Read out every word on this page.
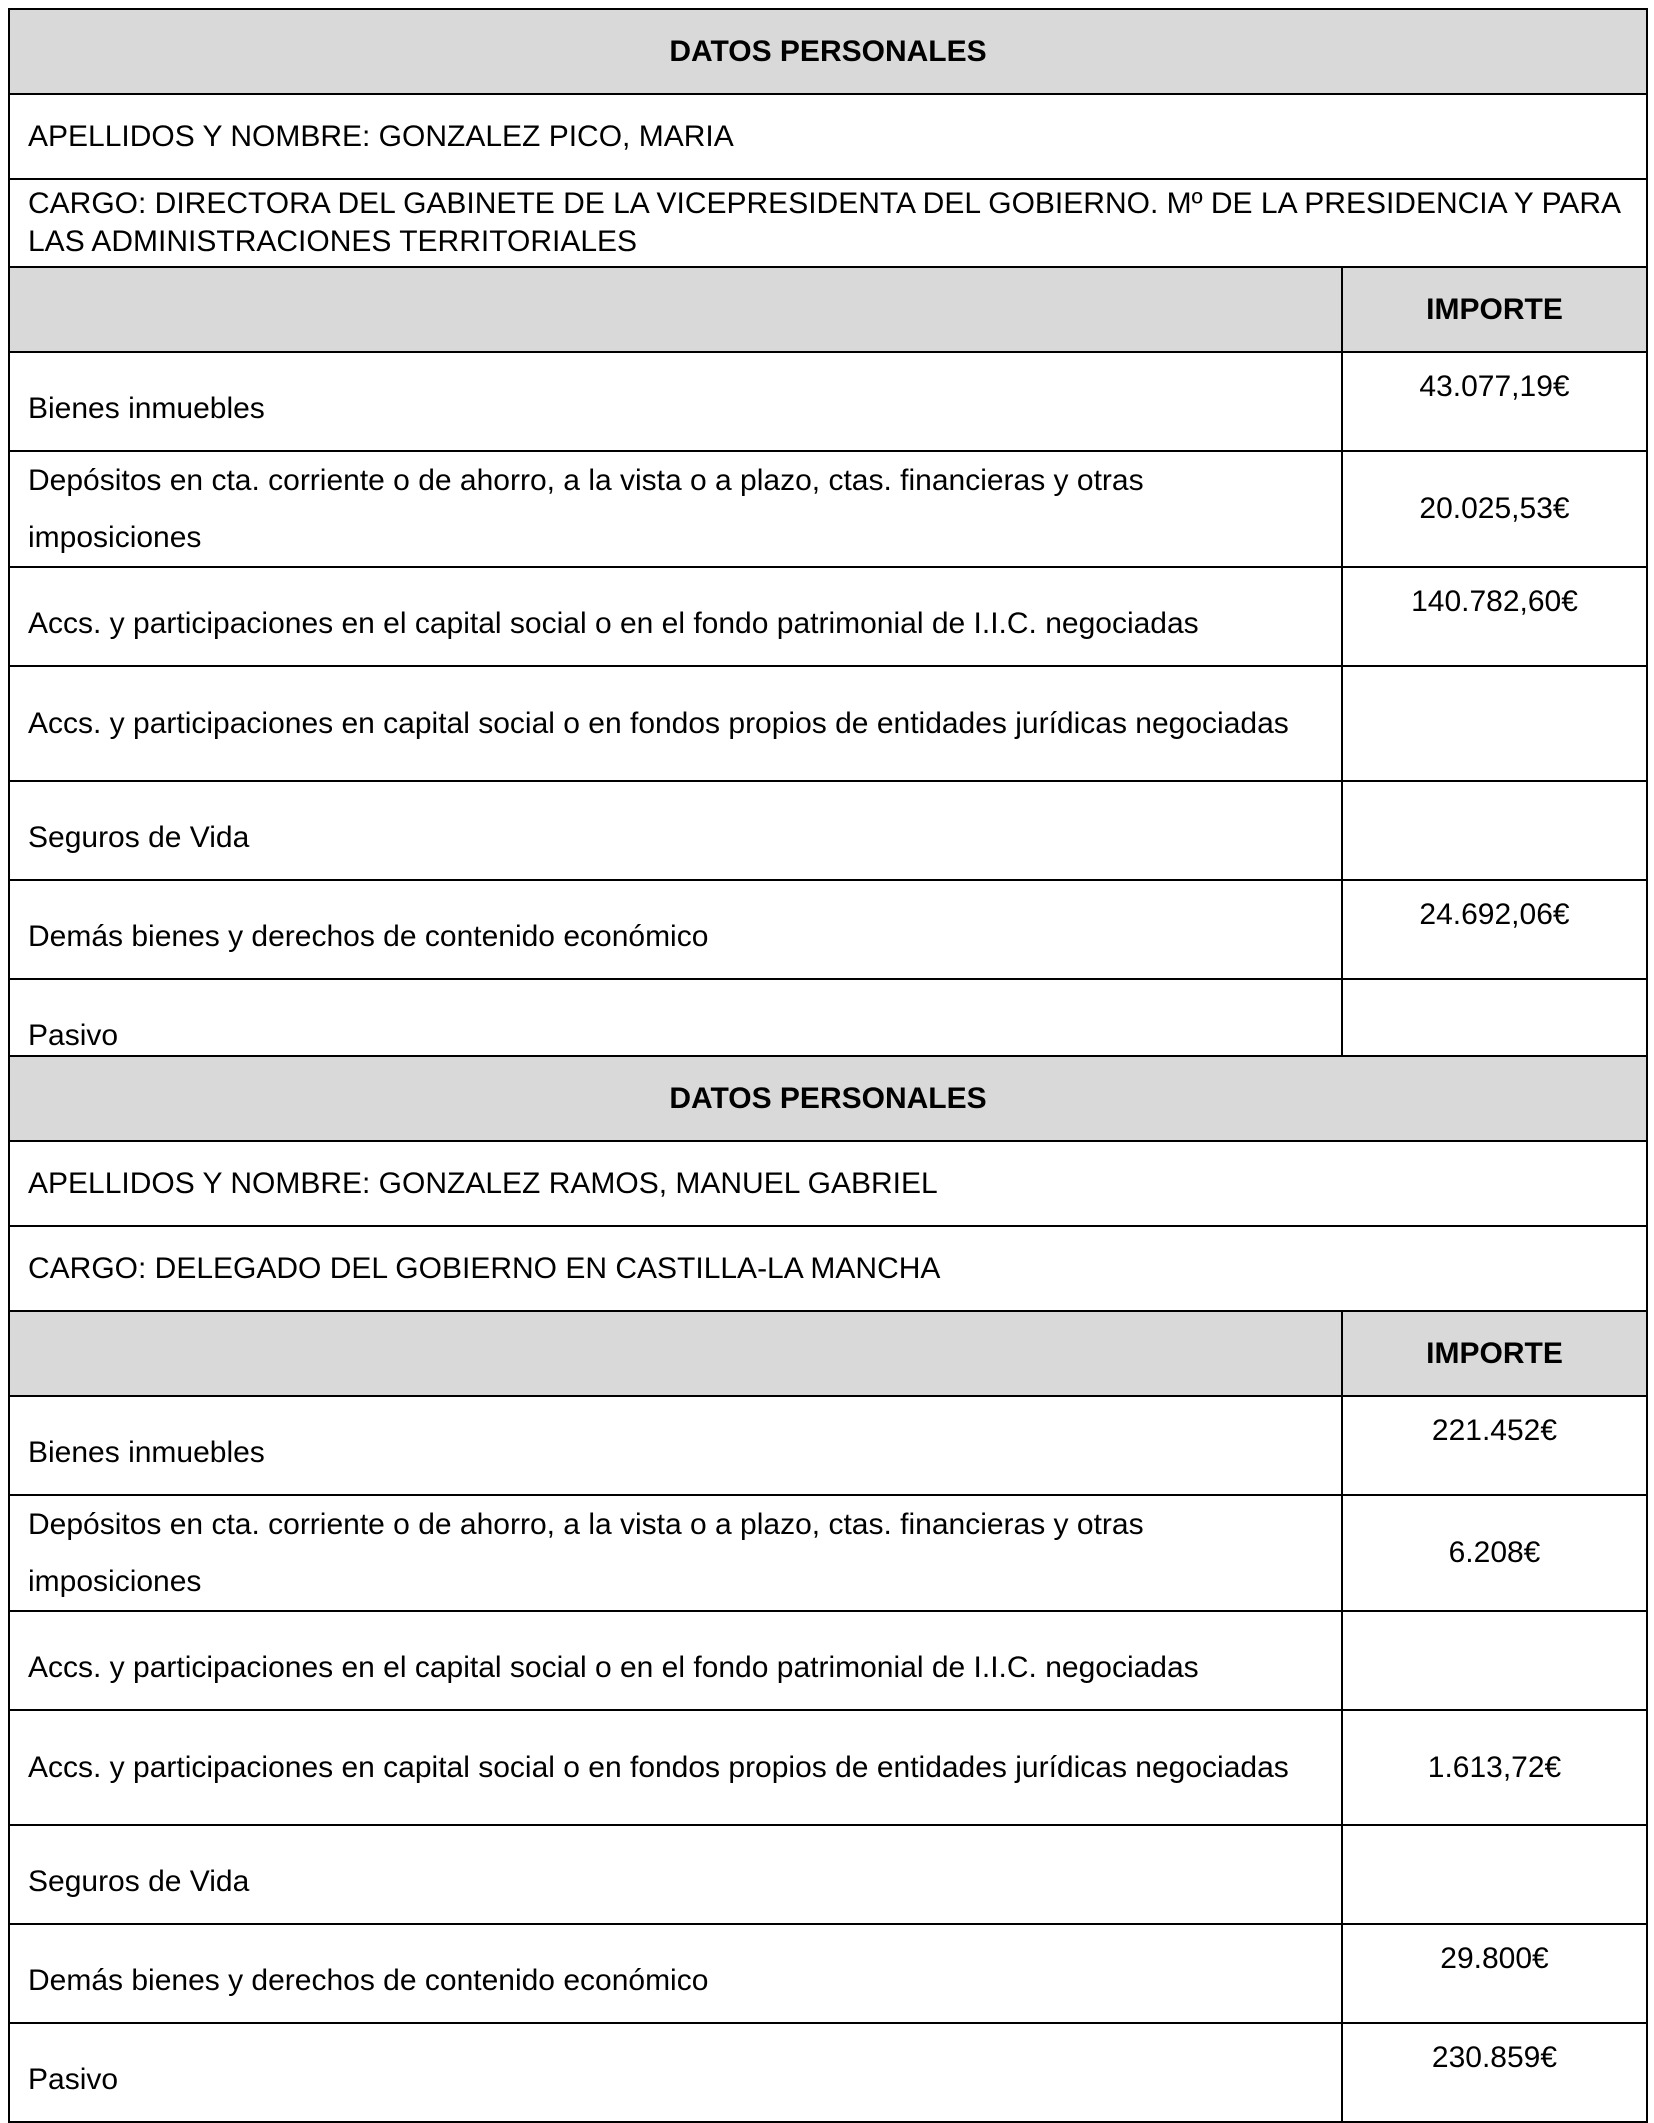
DATOS PERSONALES	
APELLIDOS Y NOMBRE: GONZALEZ PICO, MARIA	
CARGO: DIRECTORA DEL GABINETE DE LA VICEPRESIDENTA DEL GOBIERNO. Mº DE LA PRESIDENCIA Y PARA LAS ADMINISTRACIONES TERRITORIALES	
	IMPORTE
Bienes inmuebles	43.077,19€
Depósitos en cta. corriente o de ahorro, a la vista o a plazo, ctas. financieras y otras imposiciones	20.025,53€
Accs. y participaciones en el capital social o en el fondo patrimonial de I.I.C. negociadas	140.782,60€
Accs. y participaciones en capital social o en fondos propios de entidades jurídicas negociadas	
Seguros de Vida	
Demás bienes y derechos de contenido económico	24.692,06€
Pasivo	
DATOS PERSONALES	
APELLIDOS Y NOMBRE: GONZALEZ RAMOS, MANUEL GABRIEL	
CARGO: DELEGADO DEL GOBIERNO EN CASTILLA-LA MANCHA	
	IMPORTE
Bienes inmuebles	221.452€
Depósitos en cta. corriente o de ahorro, a la vista o a plazo, ctas. financieras y otras imposiciones	6.208€
Accs. y participaciones en el capital social o en el fondo patrimonial de I.I.C. negociadas	
Accs. y participaciones en capital social o en fondos propios de entidades jurídicas negociadas	1.613,72€
Seguros de Vida	
Demás bienes y derechos de contenido económico	29.800€
Pasivo	230.859€
